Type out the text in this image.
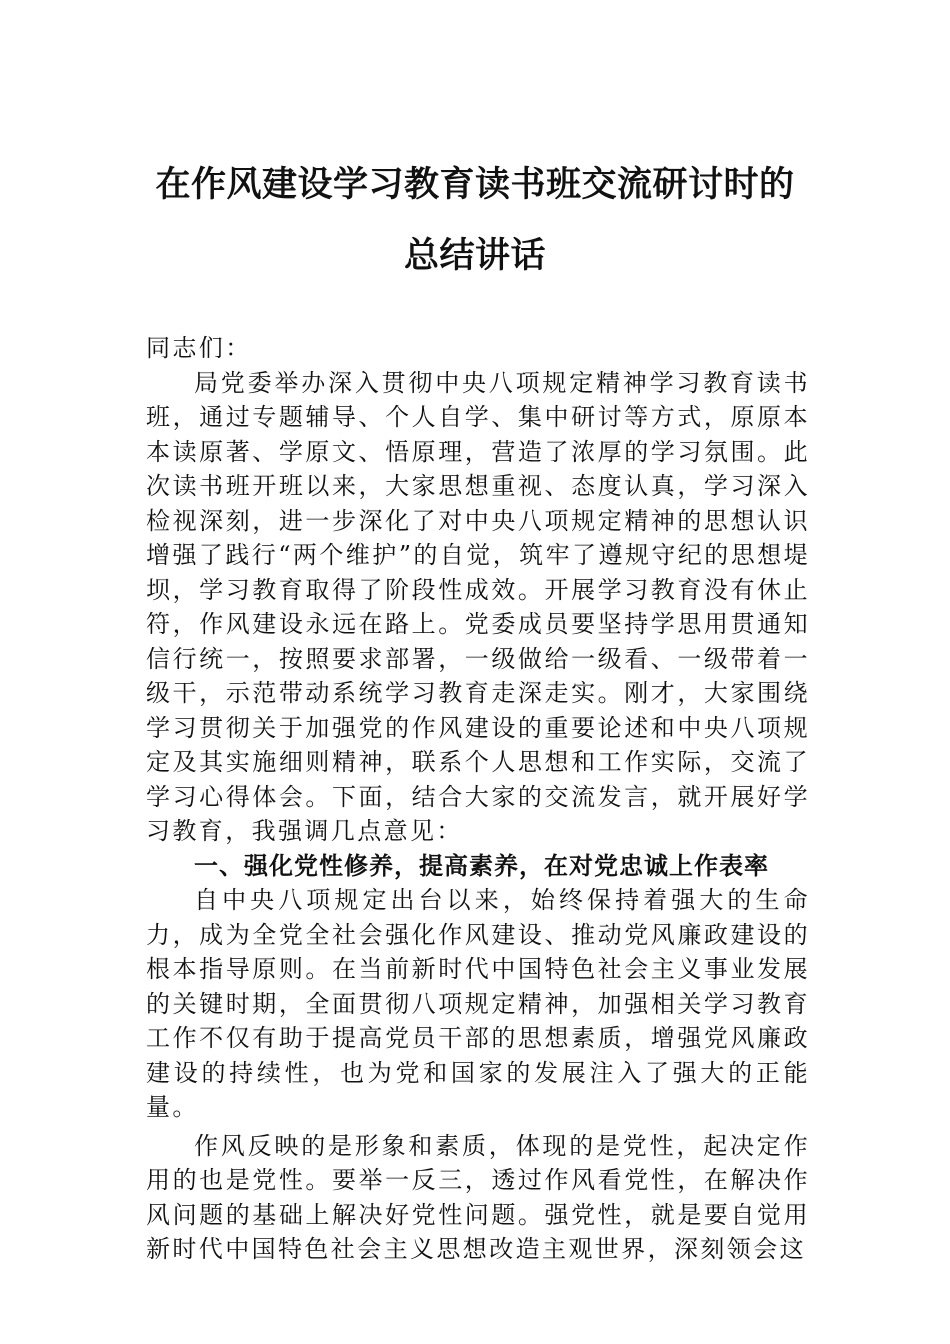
在作风建设学习教育读书班交流研讨时的
总结讲话

同志们：

局党委举办深入贯彻中央八项规定精神学习教育读书班，通过专题辅导、个人自学、集中研讨等方式，原原本本读原著、学原文、悟原理，营造了浓厚的学习氛围。此次读书班开班以来，大家思想重视、态度认真，学习深入检视深刻，进一步深化了对中央八项规定精神的思想认识增强了践行“两个维护”的自觉，筑牢了遵规守纪的思想堤坝，学习教育取得了阶段性成效。开展学习教育没有休止符，作风建设永远在路上。党委成员要坚持学思用贯通知信行统一，按照要求部署，一级做给一级看、一级带着一级干，示范带动系统学习教育走深走实。刚才，大家围绕学习贯彻关于加强党的作风建设的重要论述和中央八项规定及其实施细则精神，联系个人思想和工作实际，交流了学习心得体会。下面，结合大家的交流发言，就开展好学习教育，我强调几点意见：

一、强化党性修养，提高素养，在对党忠诚上作表率

自中央八项规定出台以来，始终保持着强大的生命力，成为全党全社会强化作风建设、推动党风廉政建设的根本指导原则。在当前新时代中国特色社会主义事业发展的关键时期，全面贯彻八项规定精神，加强相关学习教育工作不仅有助于提高党员干部的思想素质，增强党风廉政建设的持续性，也为党和国家的发展注入了强大的正能量。

作风反映的是形象和素质，体现的是党性，起决定作用的也是党性。要举一反三，透过作风看党性，在解决作风问题的基础上解决好党性问题。强党性，就是要自觉用新时代中国特色社会主义思想改造主观世界，深刻领会这
